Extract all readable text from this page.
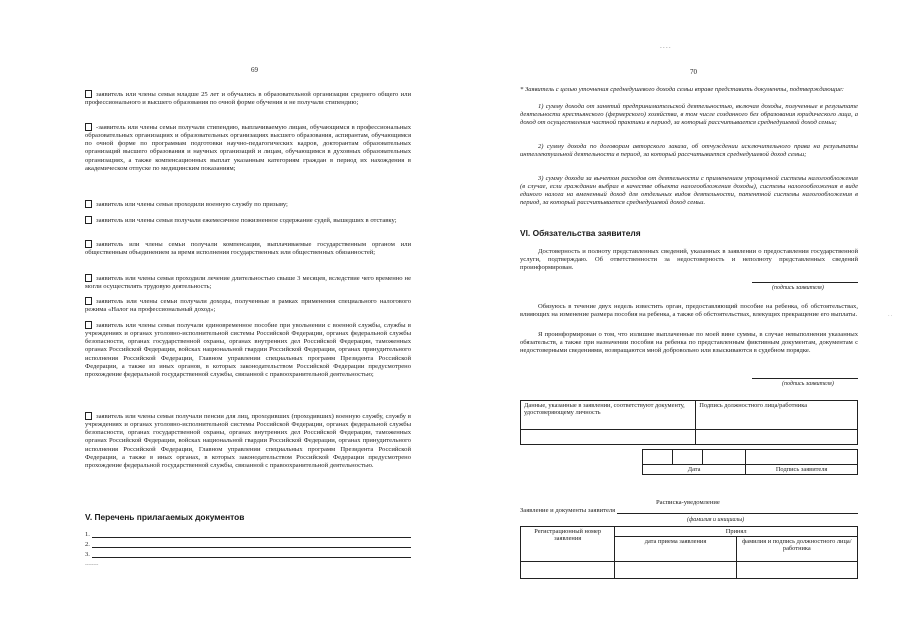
69
заявитель или члены семьи младше 25 лет и обучались в образовательной организации среднего общего или профессионального и высшего образования по очной форме обучения и не получали стипендию;
-заявитель или члены семьи получали стипендию, выплачиваемую лицам, обучающимся в профессиональных образовательных организациях и образовательных организациях высшего образования, аспирантам, обучающимся по очной форме по программам подготовки научно-педагогических кадров, докторантам образовательных организаций высшего образования и научных организаций и лицам, обучающимся в духовных образовательных организациях, а также компенсационных выплат указанным категориям граждан в период их нахождения в академическом отпуске по медицинским показаниям;
заявитель или члены семьи проходили военную службу по призыву;
заявитель или члены семьи получали ежемесячное пожизненное содержание судей, вышедших в отставку;
заявитель или члены семьи получали компенсации, выплачиваемые государственным органом или общественным объединением за время исполнения государственных или общественных обязанностей;
заявитель или члены семьи проходили лечение длительностью свыше 3 месяцев, вследствие чего временно не могли осуществлять трудовую деятельность;
заявитель или члены семьи получали доходы, полученные в рамках применения специального налогового режима «Налог на профессиональный доход»;
заявитель или члены семьи получали единовременное пособие при увольнении с военной службы, службы в учреждениях и органах уголовно-исполнительной системы Российской Федерации, органах федеральной службы безопасности, органах государственной охраны, органах внутренних дел Российской Федерации, таможенных органах Российской Федерации, войсках национальной гвардии Российской Федерации, органах принудительного исполнения Российской Федерации, Главном управлении специальных программ Президента Российской Федерации, а также из иных органов, в которых законодательством Российской Федерации предусмотрено прохождение федеральной государственной службы, связанной с правоохранительной деятельностью;
заявитель или члены семьи получали пенсии для лиц, проходивших (проходивших) военную службу, службу в учреждениях и органах уголовно-исполнительной системы Российской Федерации, органах федеральной службы безопасности, органах государственной охраны, органах внутренних дел Российской Федерации, таможенных органах Российской Федерации, войсках национальной гвардии Российской Федерации, органах принудительного исполнения Российской Федерации, Главном управлении специальных программ Президента Российской Федерации, а также в иных органах, в которых законодательством Российской Федерации предусмотрено прохождение федеральной государственной службы, связанной с правоохранительной деятельностью.
V. Перечень прилагаемых документов
1.
2.
3.
--------
- - - -
70
* Заявитель с целью уточнения среднедушевого дохода семьи вправе представить документы, подтверждающие:
1) сумму дохода от занятий предпринимательской деятельностью, включая доходы, полученные в результате деятельности крестьянского (фермерского) хозяйства, в том числе созданного без образования юридического лица, а доход от осуществления частной практики в период, за который рассчитывается среднедушевой доход семьи;
2) сумму дохода по договорам авторского заказа, об отчуждении исключительного права на результаты интеллектуальной деятельности в период, за который рассчитывается среднедушевой доход семьи;
3) сумму дохода за вычетом расходов от деятельности с применением упрощенной системы налогообложения (в случае, если гражданин выбрал в качестве объекта налогообложения доходы), системы налогообложения в виде единого налога на вмененный доход для отдельных видов деятельности, патентной системы налогообложения в период, за который рассчитывается среднедушевой доход семьи.
VI. Обязательства заявителя
Достоверность и полноту представленных сведений, указанных в заявлении о предоставлении государственной услуги, подтверждаю. Об ответственности за недостоверность и неполноту представленных сведений проинформирован.
(подпись заявителя)
Обязуюсь в течение двух недель известить орган, предоставляющий пособие на ребенка, об обстоятельствах, влияющих на изменение размера пособия на ребенка, а также об обстоятельствах, влекущих прекращение его выплаты.
Я проинформирован о том, что излишне выплаченные по моей вине суммы, в случае невыполнения указанных обязательств, а также при назначении пособия на ребенка по представленным фиктивным документам, документам с недостоверными сведениями, возвращаются мной добровольно или взыскиваются в судебном порядке.
(подпись заявителя)
Данные, указанные в заявлении, соответствуют документу, удостоверяющему личность	Подпись должностного лица/работника

Дата			Подпись заявителя
Расписка-уведомление
Заявление и документы заявителя
(фамилия и инициалы)
Регистрационный номер заявления	Принял	
	дата приема заявления	фамилия и подпись должностного лица/работника

· ·
